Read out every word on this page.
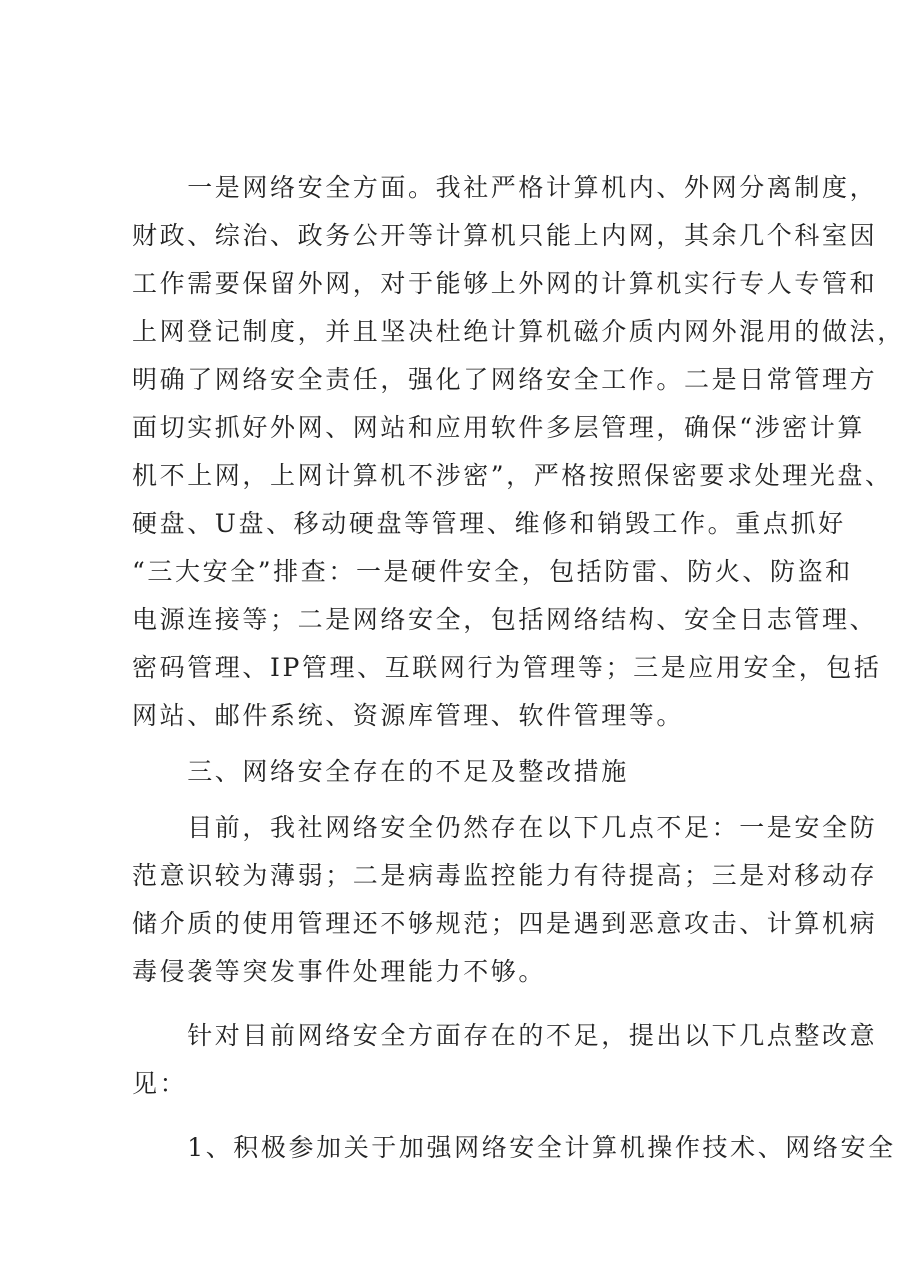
　　一是网络安全方面。我社严格计算机内、外网分离制度，
财政、综治、政务公开等计算机只能上内网，其余几个科室因
工作需要保留外网，对于能够上外网的计算机实行专人专管和
上网登记制度，并且坚决杜绝计算机磁介质内网外混用的做法，
明确了网络安全责任，强化了网络安全工作。二是日常管理方
面切实抓好外网、网站和应用软件多层管理，确保“涉密计算
机不上网，上网计算机不涉密”，严格按照保密要求处理光盘、
硬盘、U盘、移动硬盘等管理、维修和销毁工作。重点抓好
“三大安全”排查：一是硬件安全，包括防雷、防火、防盗和
电源连接等；二是网络安全，包括网络结构、安全日志管理、
密码管理、IP管理、互联网行为管理等；三是应用安全，包括
网站、邮件系统、资源库管理、软件管理等。
　　三、网络安全存在的不足及整改措施
　　目前，我社网络安全仍然存在以下几点不足：一是安全防
范意识较为薄弱；二是病毒监控能力有待提高；三是对移动存
储介质的使用管理还不够规范；四是遇到恶意攻击、计算机病
毒侵袭等突发事件处理能力不够。
　　针对目前网络安全方面存在的不足，提出以下几点整改意
见：
　　1、积极参加关于加强网络安全计算机操作技术、网络安全
